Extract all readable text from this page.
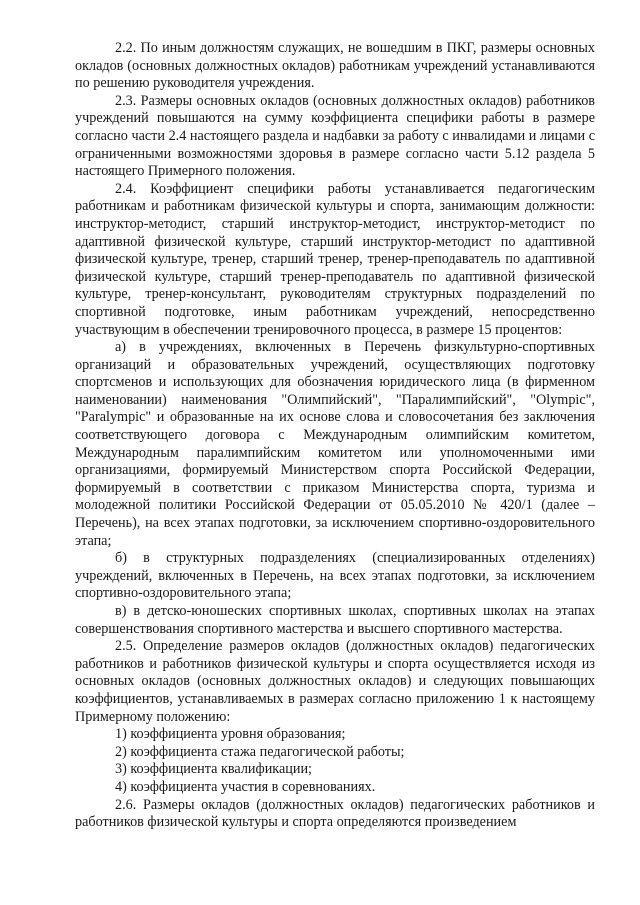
2.2. По иным должностям служащих, не вошедшим в ПКГ, размеры основных окладов (основных должностных окладов) работникам учреждений устанавливаются по решению руководителя учреждения.

2.3. Размеры основных окладов (основных должностных окладов) работников учреждений повышаются на сумму коэффициента специфики работы в размере согласно части 2.4 настоящего раздела и надбавки за работу с инвалидами и лицами с ограниченными возможностями здоровья в размере согласно части 5.12 раздела 5 настоящего Примерного положения.

2.4. Коэффициент специфики работы устанавливается педагогическим работникам и работникам физической культуры и спорта, занимающим должности: инструктор-методист, старший инструктор-методист, инструктор-методист по адаптивной физической культуре, старший инструктор-методист по адаптивной физической культуре, тренер, старший тренер, тренер-преподаватель по адаптивной физической культуре, старший тренер-преподаватель по адаптивной физической культуре, тренер-консультант, руководителям структурных подразделений по спортивной подготовке, иным работникам учреждений, непосредственно участвующим в обеспечении тренировочного процесса, в размере 15 процентов:

а) в учреждениях, включенных в Перечень физкультурно-спортивных организаций и образовательных учреждений, осуществляющих подготовку спортсменов и использующих для обозначения юридического лица (в фирменном наименовании) наименования "Олимпийский", "Паралимпийский", "Olympic", "Paralympic" и образованные на их основе слова и словосочетания без заключения соответствующего договора с Международным олимпийским комитетом, Международным паралимпийским комитетом или уполномоченными ими организациями, формируемый Министерством спорта Российской Федерации, формируемый в соответствии с приказом Министерства спорта, туризма и молодежной политики Российской Федерации от 05.05.2010 № 420/1 (далее – Перечень), на всех этапах подготовки, за исключением спортивно-оздоровительного этапа;

б) в структурных подразделениях (специализированных отделениях) учреждений, включенных в Перечень, на всех этапах подготовки, за исключением спортивно-оздоровительного этапа;

в) в детско-юношеских спортивных школах, спортивных школах на этапах совершенствования спортивного мастерства и высшего спортивного мастерства.

2.5. Определение размеров окладов (должностных окладов) педагогических работников и работников физической культуры и спорта осуществляется исходя из основных окладов (основных должностных окладов) и следующих повышающих коэффициентов, устанавливаемых в размерах согласно приложению 1 к настоящему Примерному положению:

1) коэффициента уровня образования;

2) коэффициента стажа педагогической работы;

3) коэффициента квалификации;

4) коэффициента участия в соревнованиях.

2.6. Размеры окладов (должностных окладов) педагогических работников и работников физической культуры и спорта определяются произведением
